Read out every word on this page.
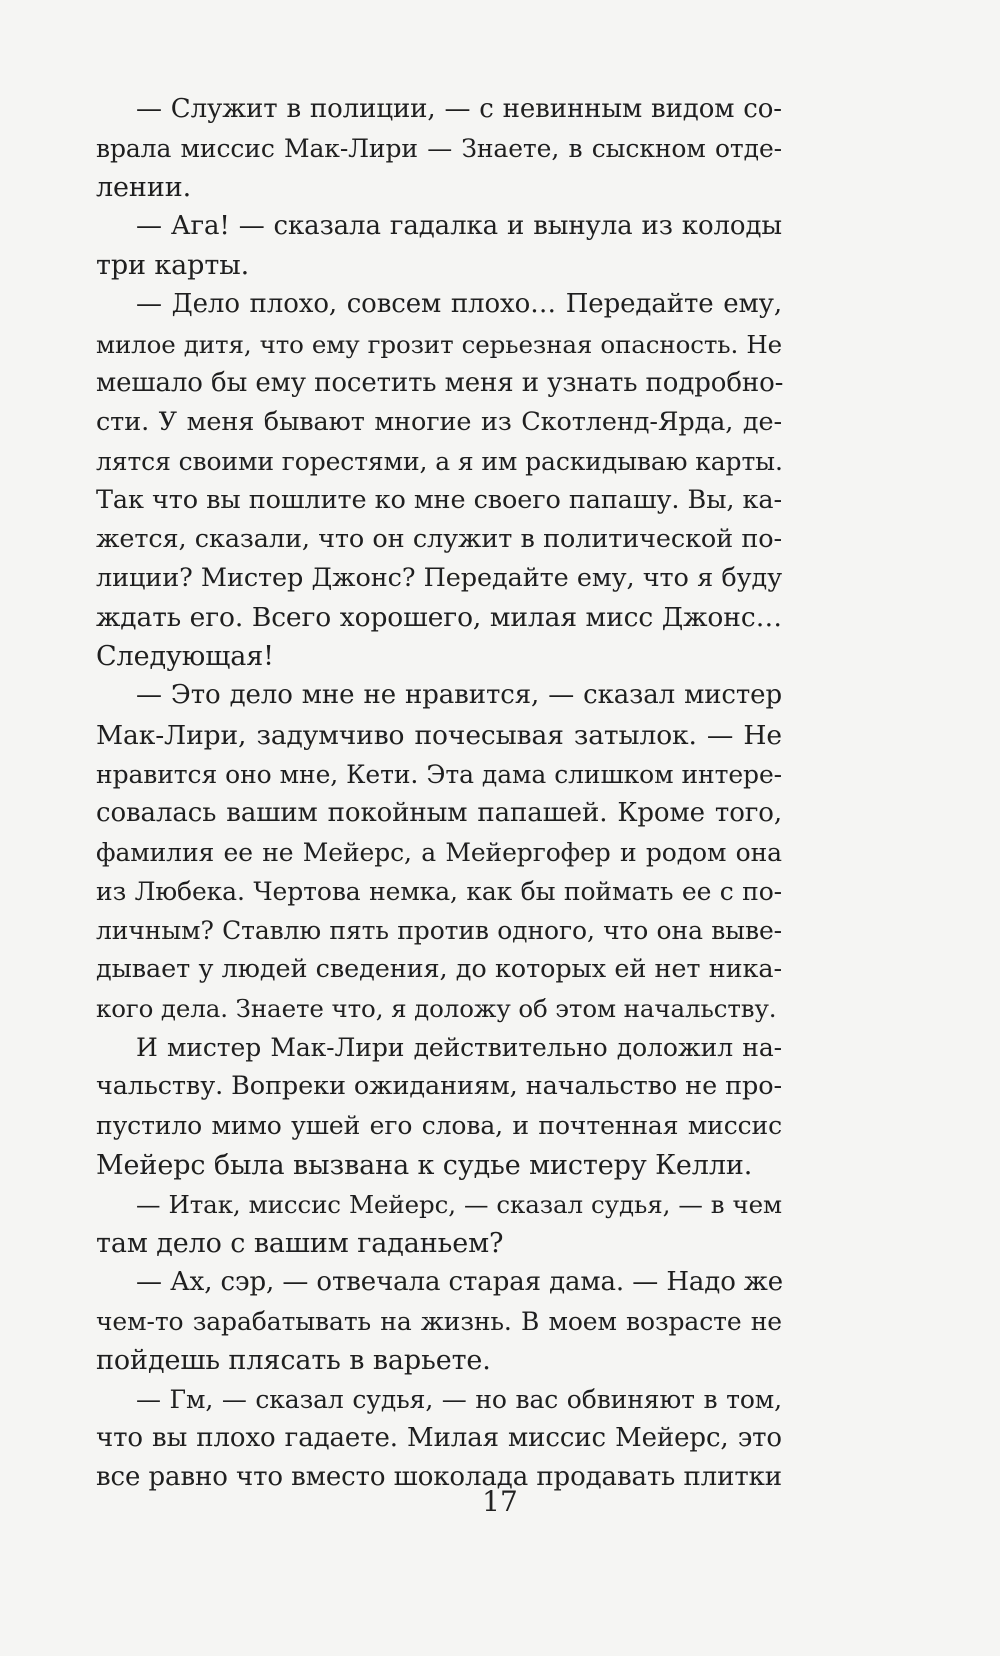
— Служит в полиции, — с невинным видом со-
врала миссис Мак-Лири — Знаете, в сыскном отде-
лении.
— Ага! — сказала гадалка и вынула из колоды
три карты.
— Дело плохо, совсем плохо… Передайте ему,
милое дитя, что ему грозит серьезная опасность. Не
мешало бы ему посетить меня и узнать подробно-
сти. У меня бывают многие из Скотленд-Ярда, де-
лятся своими горестями, а я им раскидываю карты.
Так что вы пошлите ко мне своего папашу. Вы, ка-
жется, сказали, что он служит в политической по-
лиции? Мистер Джонс? Передайте ему, что я буду
ждать его. Всего хорошего, милая мисс Джонс…
Следующая!
— Это дело мне не нравится, — сказал мистер
Мак-Лири, задумчиво почесывая затылок. — Не
нравится оно мне, Кети. Эта дама слишком интере-
совалась вашим покойным папашей. Кроме того,
фамилия ее не Мейерс, а Мейергофер и родом она
из Любека. Чертова немка, как бы поймать ее с по-
личным? Ставлю пять против одного, что она выве-
дывает у людей сведения, до которых ей нет ника-
кого дела. Знаете что, я доложу об этом начальству.
И мистер Мак-Лири действительно доложил на-
чальству. Вопреки ожиданиям, начальство не про-
пустило мимо ушей его слова, и почтенная миссис
Мейерс была вызвана к судье мистеру Келли.
— Итак, миссис Мейерс, — сказал судья, — в чем
там дело с вашим гаданьем?
— Ах, сэр, — отвечала старая дама. — Надо же
чем-то зарабатывать на жизнь. В моем возрасте не
пойдешь плясать в варьете.
— Гм, — сказал судья, — но вас обвиняют в том,
что вы плохо гадаете. Милая миссис Мейерс, это
все равно что вместо шоколада продавать плитки
17
